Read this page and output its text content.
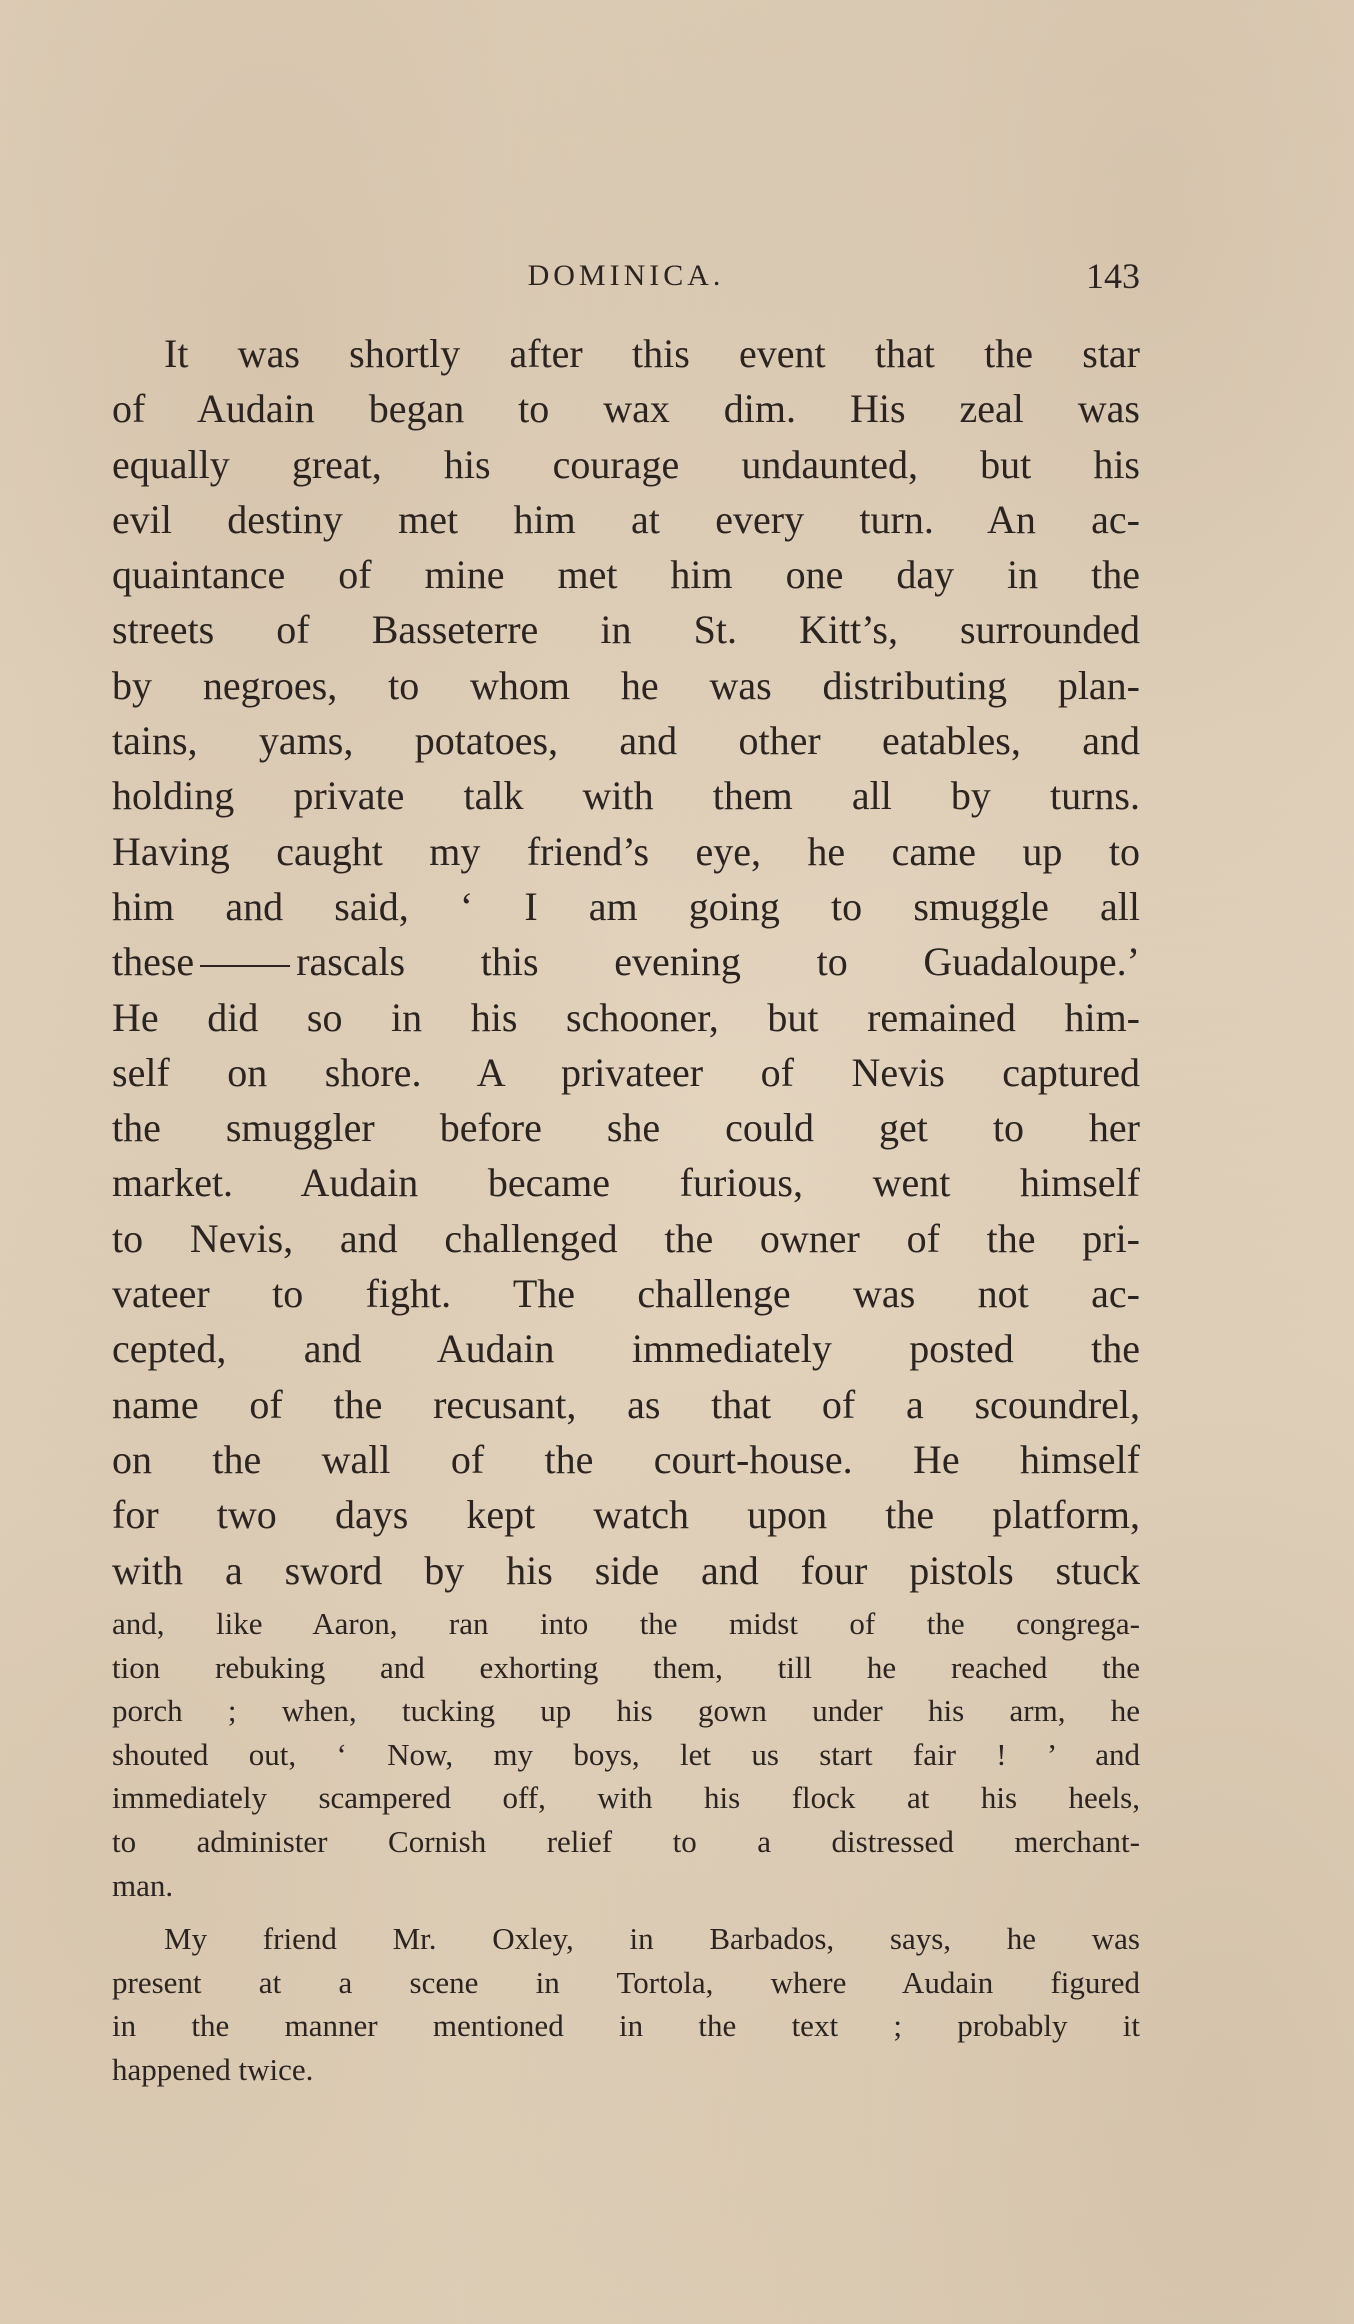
DOMINICA.	143
It was shortly after this event that the star
of Audain began to wax dim. His zeal was
equally great, his courage undaunted, but his
evil destiny met him at every turn. An ac-
quaintance of mine met him one day in the
streets of Basseterre in St. Kitt’s, surrounded
by negroes, to whom he was distributing plan-
tains, yams, potatoes, and other eatables, and
holding private talk with them all by turns.
Having caught my friend’s eye, he came up to
him and said, ‘ I am going to smuggle all
these	rascals this evening to Guadaloupe.’
He did so in his schooner, but remained him-
self on shore. A privateer of Nevis captured
the smuggler before she could get to her
market. Audain became furious, went himself
to Nevis, and challenged the owner of the pri-
vateer to fight. The challenge was not ac-
cepted, and Audain immediately posted the
name of the recusant, as that of a scoundrel,
on the wall of the court-house. He himself
for two days kept watch upon the platform,
with a sword by his side and four pistols stuck
and, like Aaron, ran into the midst of the congrega-
tion rebuking and exhorting them, till he reached the
porch ; when, tucking up his gown under his arm, he
shouted out, ‘ Now, my boys, let us start fair ! ’ and
immediately scampered off, with his flock at his heels,
to administer Cornish relief to a distressed merchant-
man.
My friend Mr. Oxley, in Barbados, says, he was
present at a scene in Tortola, where Audain figured
in the manner mentioned in the text ; probably it
happened twice.
